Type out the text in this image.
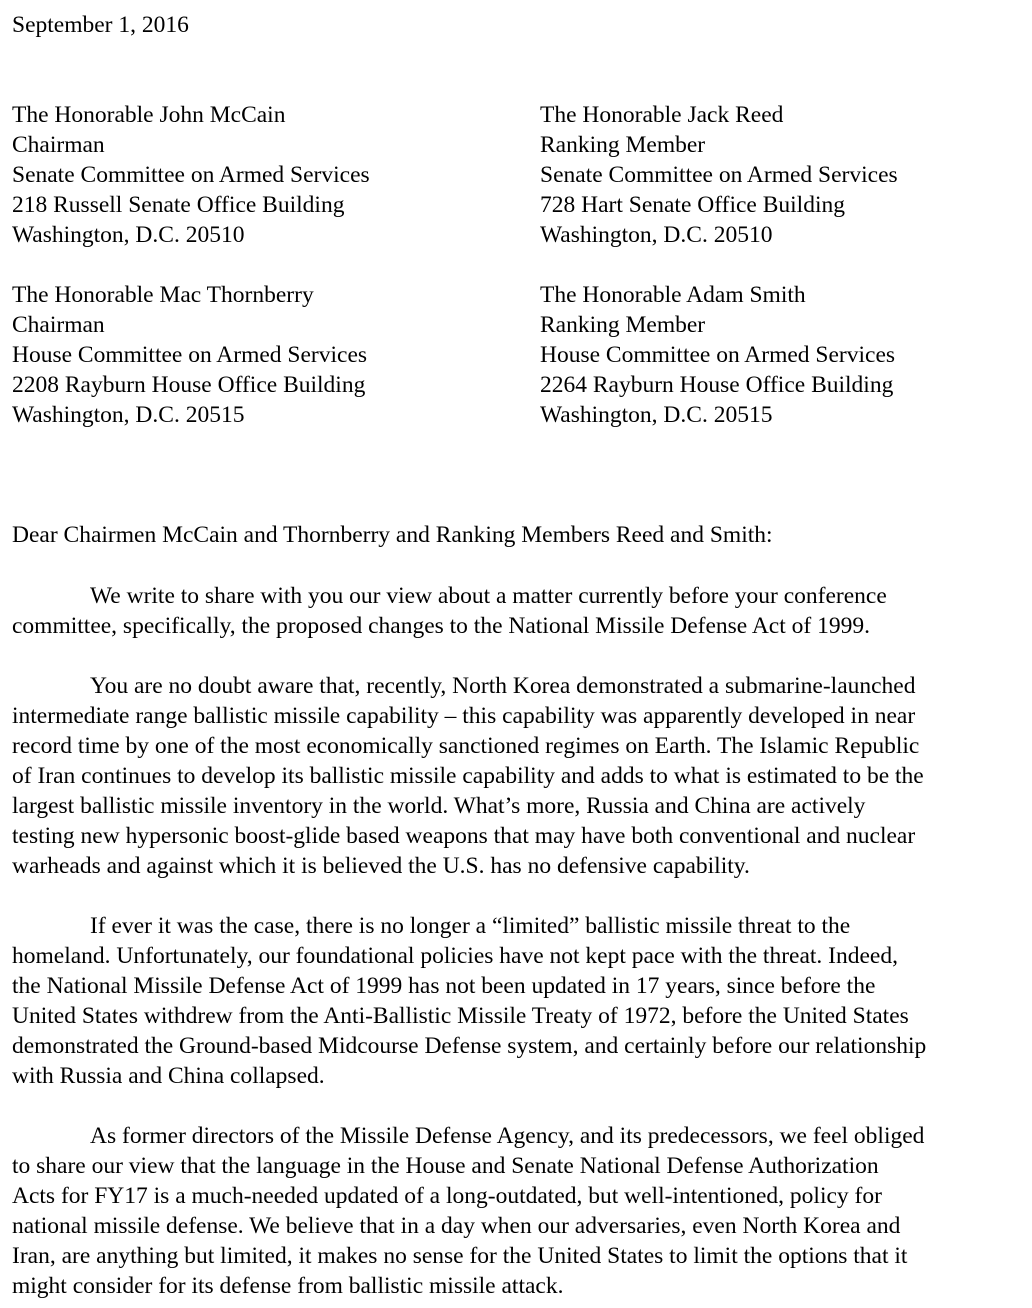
September 1, 2016
The Honorable John McCain
Chairman
Senate Committee on Armed Services
218 Russell Senate Office Building
Washington, D.C. 20510
The Honorable Jack Reed
Ranking Member
Senate Committee on Armed Services
728 Hart Senate Office Building
Washington, D.C. 20510
The Honorable Mac Thornberry
Chairman
House Committee on Armed Services
2208 Rayburn House Office Building
Washington, D.C. 20515
The Honorable Adam Smith
Ranking Member
House Committee on Armed Services
2264 Rayburn House Office Building
Washington, D.C. 20515
Dear Chairmen McCain and Thornberry and Ranking Members Reed and Smith:
We write to share with you our view about a matter currently before your conference
committee, specifically, the proposed changes to the National Missile Defense Act of 1999.
You are no doubt aware that, recently, North Korea demonstrated a submarine-launched
intermediate range ballistic missile capability – this capability was apparently developed in near
record time by one of the most economically sanctioned regimes on Earth. The Islamic Republic
of Iran continues to develop its ballistic missile capability and adds to what is estimated to be the
largest ballistic missile inventory in the world. What’s more, Russia and China are actively
testing new hypersonic boost-glide based weapons that may have both conventional and nuclear
warheads and against which it is believed the U.S. has no defensive capability.
If ever it was the case, there is no longer a “limited” ballistic missile threat to the
homeland. Unfortunately, our foundational policies have not kept pace with the threat. Indeed,
the National Missile Defense Act of 1999 has not been updated in 17 years, since before the
United States withdrew from the Anti-Ballistic Missile Treaty of 1972, before the United States
demonstrated the Ground-based Midcourse Defense system, and certainly before our relationship
with Russia and China collapsed.
As former directors of the Missile Defense Agency, and its predecessors, we feel obliged
to share our view that the language in the House and Senate National Defense Authorization
Acts for FY17 is a much-needed updated of a long-outdated, but well-intentioned, policy for
national missile defense. We believe that in a day when our adversaries, even North Korea and
Iran, are anything but limited, it makes no sense for the United States to limit the options that it
might consider for its defense from ballistic missile attack.
